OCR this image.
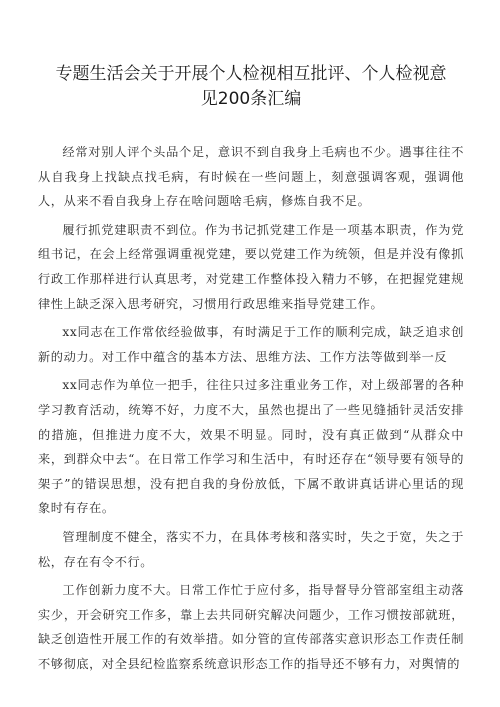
专题生活会关于开展个人检视相互批评、个人检视意
见200条汇编

经常对别人评个头品个足，意识不到自我身上毛病也不少。遇事往往不从自我身上找缺点找毛病，有时候在一些问题上，刻意强调客观，强调他人，从来不看自我身上存在啥问题啥毛病，修炼自我不足。

履行抓党建职责不到位。作为书记抓党建工作是一项基本职责，作为党组书记，在会上经常强调重视党建，要以党建工作为统领，但是并没有像抓行政工作那样进行认真思考，对党建工作整体投入精力不够，在把握党建规律性上缺乏深入思考研究，习惯用行政思维来指导党建工作。

xx同志在工作常依经验做事，有时满足于工作的顺利完成，缺乏追求创新的动力。对工作中蕴含的基本方法、思维方法、工作方法等做到举一反

xx同志作为单位一把手，往往只过多注重业务工作，对上级部署的各种学习教育活动，统筹不好，力度不大，虽然也提出了一些见缝插针灵活安排的措施，但推进力度不大，效果不明显。同时，没有真正做到“从群众中来，到群众中去“。在日常工作学习和生活中，有时还存在“领导要有领导的架子”的错误思想，没有把自我的身份放低，下属不敢讲真话讲心里话的现象时有存在。

管理制度不健全，落实不力，在具体考核和落实时，失之于宽，失之于松，存在有令不行。

工作创新力度不大。日常工作忙于应付多，指导督导分管部室组主动落实少，开会研究工作多，靠上去共同研究解决问题少，工作习惯按部就班，缺乏创造性开展工作的有效举措。如分管的宣传部落实意识形态工作责任制不够彻底，对全县纪检监察系统意识形态工作的指导还不够有力，对舆情的
